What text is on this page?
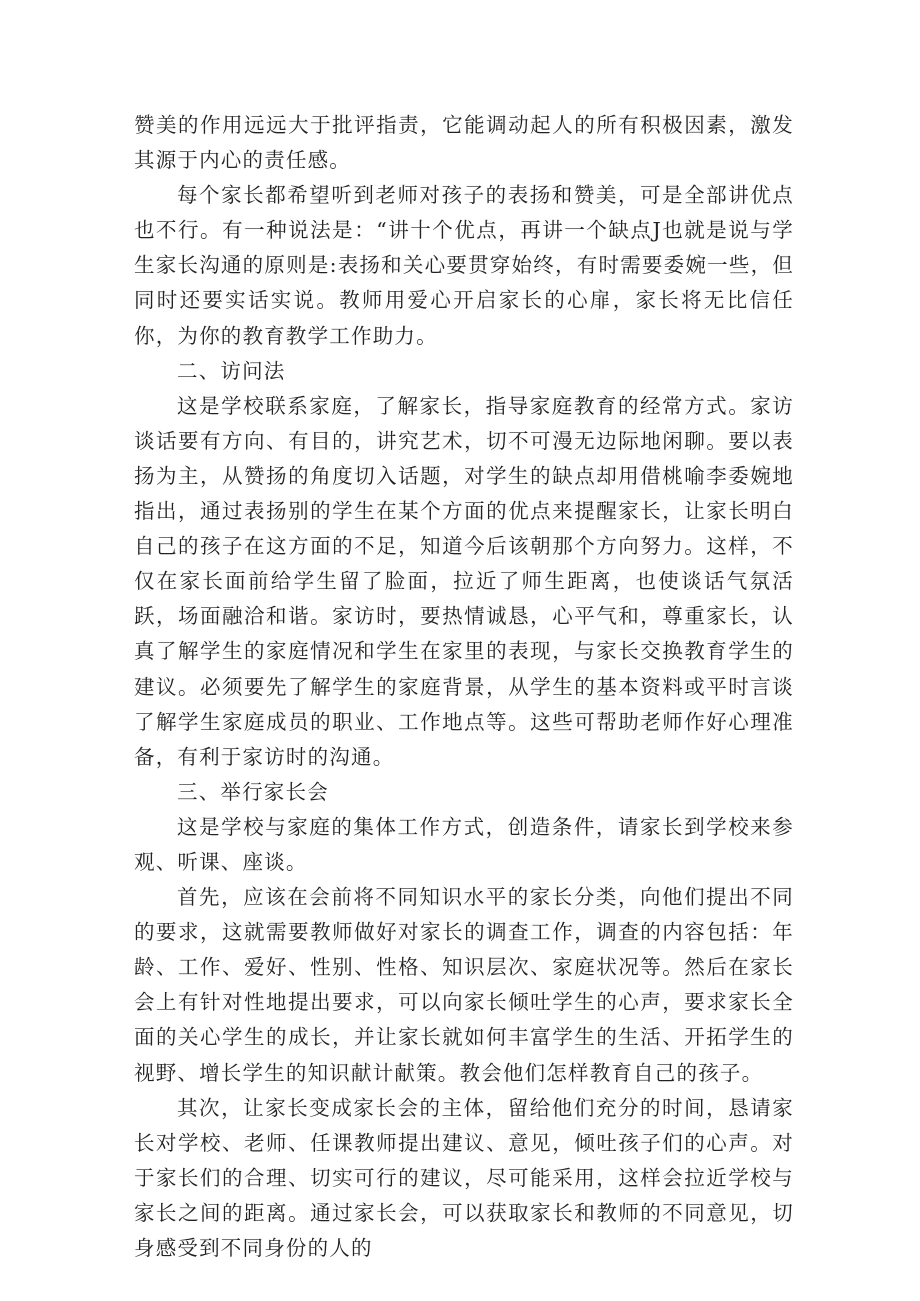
赞美的作用远远大于批评指责，它能调动起人的所有积极因素，激发其源于内心的责任感。

每个家长都希望听到老师对孩子的表扬和赞美，可是全部讲优点也不行。有一种说法是：“讲十个优点，再讲一个缺点J也就是说与学生家长沟通的原则是:表扬和关心要贯穿始终，有时需要委婉一些，但同时还要实话实说。教师用爱心开启家长的心扉，家长将无比信任你，为你的教育教学工作助力。

二、访问法

这是学校联系家庭，了解家长，指导家庭教育的经常方式。家访谈话要有方向、有目的，讲究艺术，切不可漫无边际地闲聊。要以表扬为主，从赞扬的角度切入话题，对学生的缺点却用借桃喻李委婉地指出，通过表扬别的学生在某个方面的优点来提醒家长，让家长明白自己的孩子在这方面的不足，知道今后该朝那个方向努力。这样，不仅在家长面前给学生留了脸面，拉近了师生距离，也使谈话气氛活跃，场面融洽和谐。家访时，要热情诚恳，心平气和，尊重家长，认真了解学生的家庭情况和学生在家里的表现，与家长交换教育学生的建议。必须要先了解学生的家庭背景，从学生的基本资料或平时言谈了解学生家庭成员的职业、工作地点等。这些可帮助老师作好心理准备，有利于家访时的沟通。

三、举行家长会

这是学校与家庭的集体工作方式，创造条件，请家长到学校来参观、听课、座谈。

首先，应该在会前将不同知识水平的家长分类，向他们提出不同的要求，这就需要教师做好对家长的调查工作，调查的内容包括：年龄、工作、爱好、性别、性格、知识层次、家庭状况等。然后在家长会上有针对性地提出要求，可以向家长倾吐学生的心声，要求家长全面的关心学生的成长，并让家长就如何丰富学生的生活、开拓学生的视野、增长学生的知识献计献策。教会他们怎样教育自己的孩子。

其次，让家长变成家长会的主体，留给他们充分的时间，恳请家长对学校、老师、任课教师提出建议、意见，倾吐孩子们的心声。对于家长们的合理、切实可行的建议，尽可能采用，这样会拉近学校与家长之间的距离。通过家长会，可以获取家长和教师的不同意见，切身感受到不同身份的人的
